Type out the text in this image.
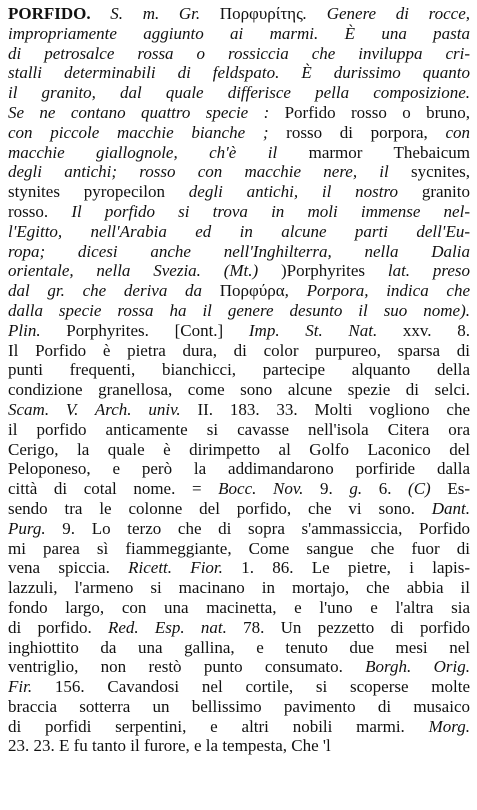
PORFIDO. S. m. Gr. Πορφυρίτης. Genere di rocce,
impropriamente aggiunto ai marmi. È una pasta
di petrosalce rossa o rossiccia che inviluppa cri-
stalli determinabili di feldspato. È durissimo quanto
il granito, dal quale differisce pella composizione.
Se ne contano quattro specie : Porfido rosso o bruno,
con piccole macchie bianche ; rosso di porpora, con
macchie giallognole, ch'è il marmor Thebaicum
degli antichi; rosso con macchie nere, il sycnites,
stynites pyropecilon degli antichi, il nostro granito
rosso. Il porfido si trova in moli immense nel-
l'Egitto, nell'Arabia ed in alcune parti dell'Eu-
ropa; dicesi anche nell'Inghilterra, nella Dalia
orientale, nella Svezia. (Mt.) )Porphyrites lat. preso
dal gr. che deriva da Πορφύρα, Porpora, indica che
dalla specie rossa ha il genere desunto il suo nome).
Plin. Porphyrites. [Cont.] Imp. St. Nat. xxv. 8.
Il Porfido è pietra dura, di color purpureo, sparsa di
punti frequenti, bianchicci, partecipe alquanto della
condizione granellosa, come sono alcune spezie di selci.
Scam. V. Arch. univ. II. 183. 33. Molti vogliono che
il porfido anticamente si cavasse nell'isola Citera ora
Cerigo, la quale è dirimpetto al Golfo Laconico del
Peloponeso, e però la addimandarono porfiride dalla
città di cotal nome. = Bocc. Nov. 9. g. 6. (C) Es-
sendo tra le colonne del porfido, che vi sono. Dant.
Purg. 9. Lo terzo che di sopra s'ammassiccia, Porfido
mi parea sì fiammeggiante, Come sangue che fuor di
vena spiccia. Ricett. Fior. 1. 86. Le pietre, i lapis-
lazzuli, l'armeno si macinano in mortajo, che abbia il
fondo largo, con una macinetta, e l'uno e l'altra sia
di porfido. Red. Esp. nat. 78. Un pezzetto di porfido
inghiottito da una gallina, e tenuto due mesi nel
ventriglio, non restò punto consumato. Borgh. Orig.
Fir. 156. Cavandosi nel cortile, si scoperse molte
braccia sotterra un bellissimo pavimento di musaico
di porfidi serpentini, e altri nobili marmi. Morg.
23. 23. E fu tanto il furore, e la tempesta, Che 'l
